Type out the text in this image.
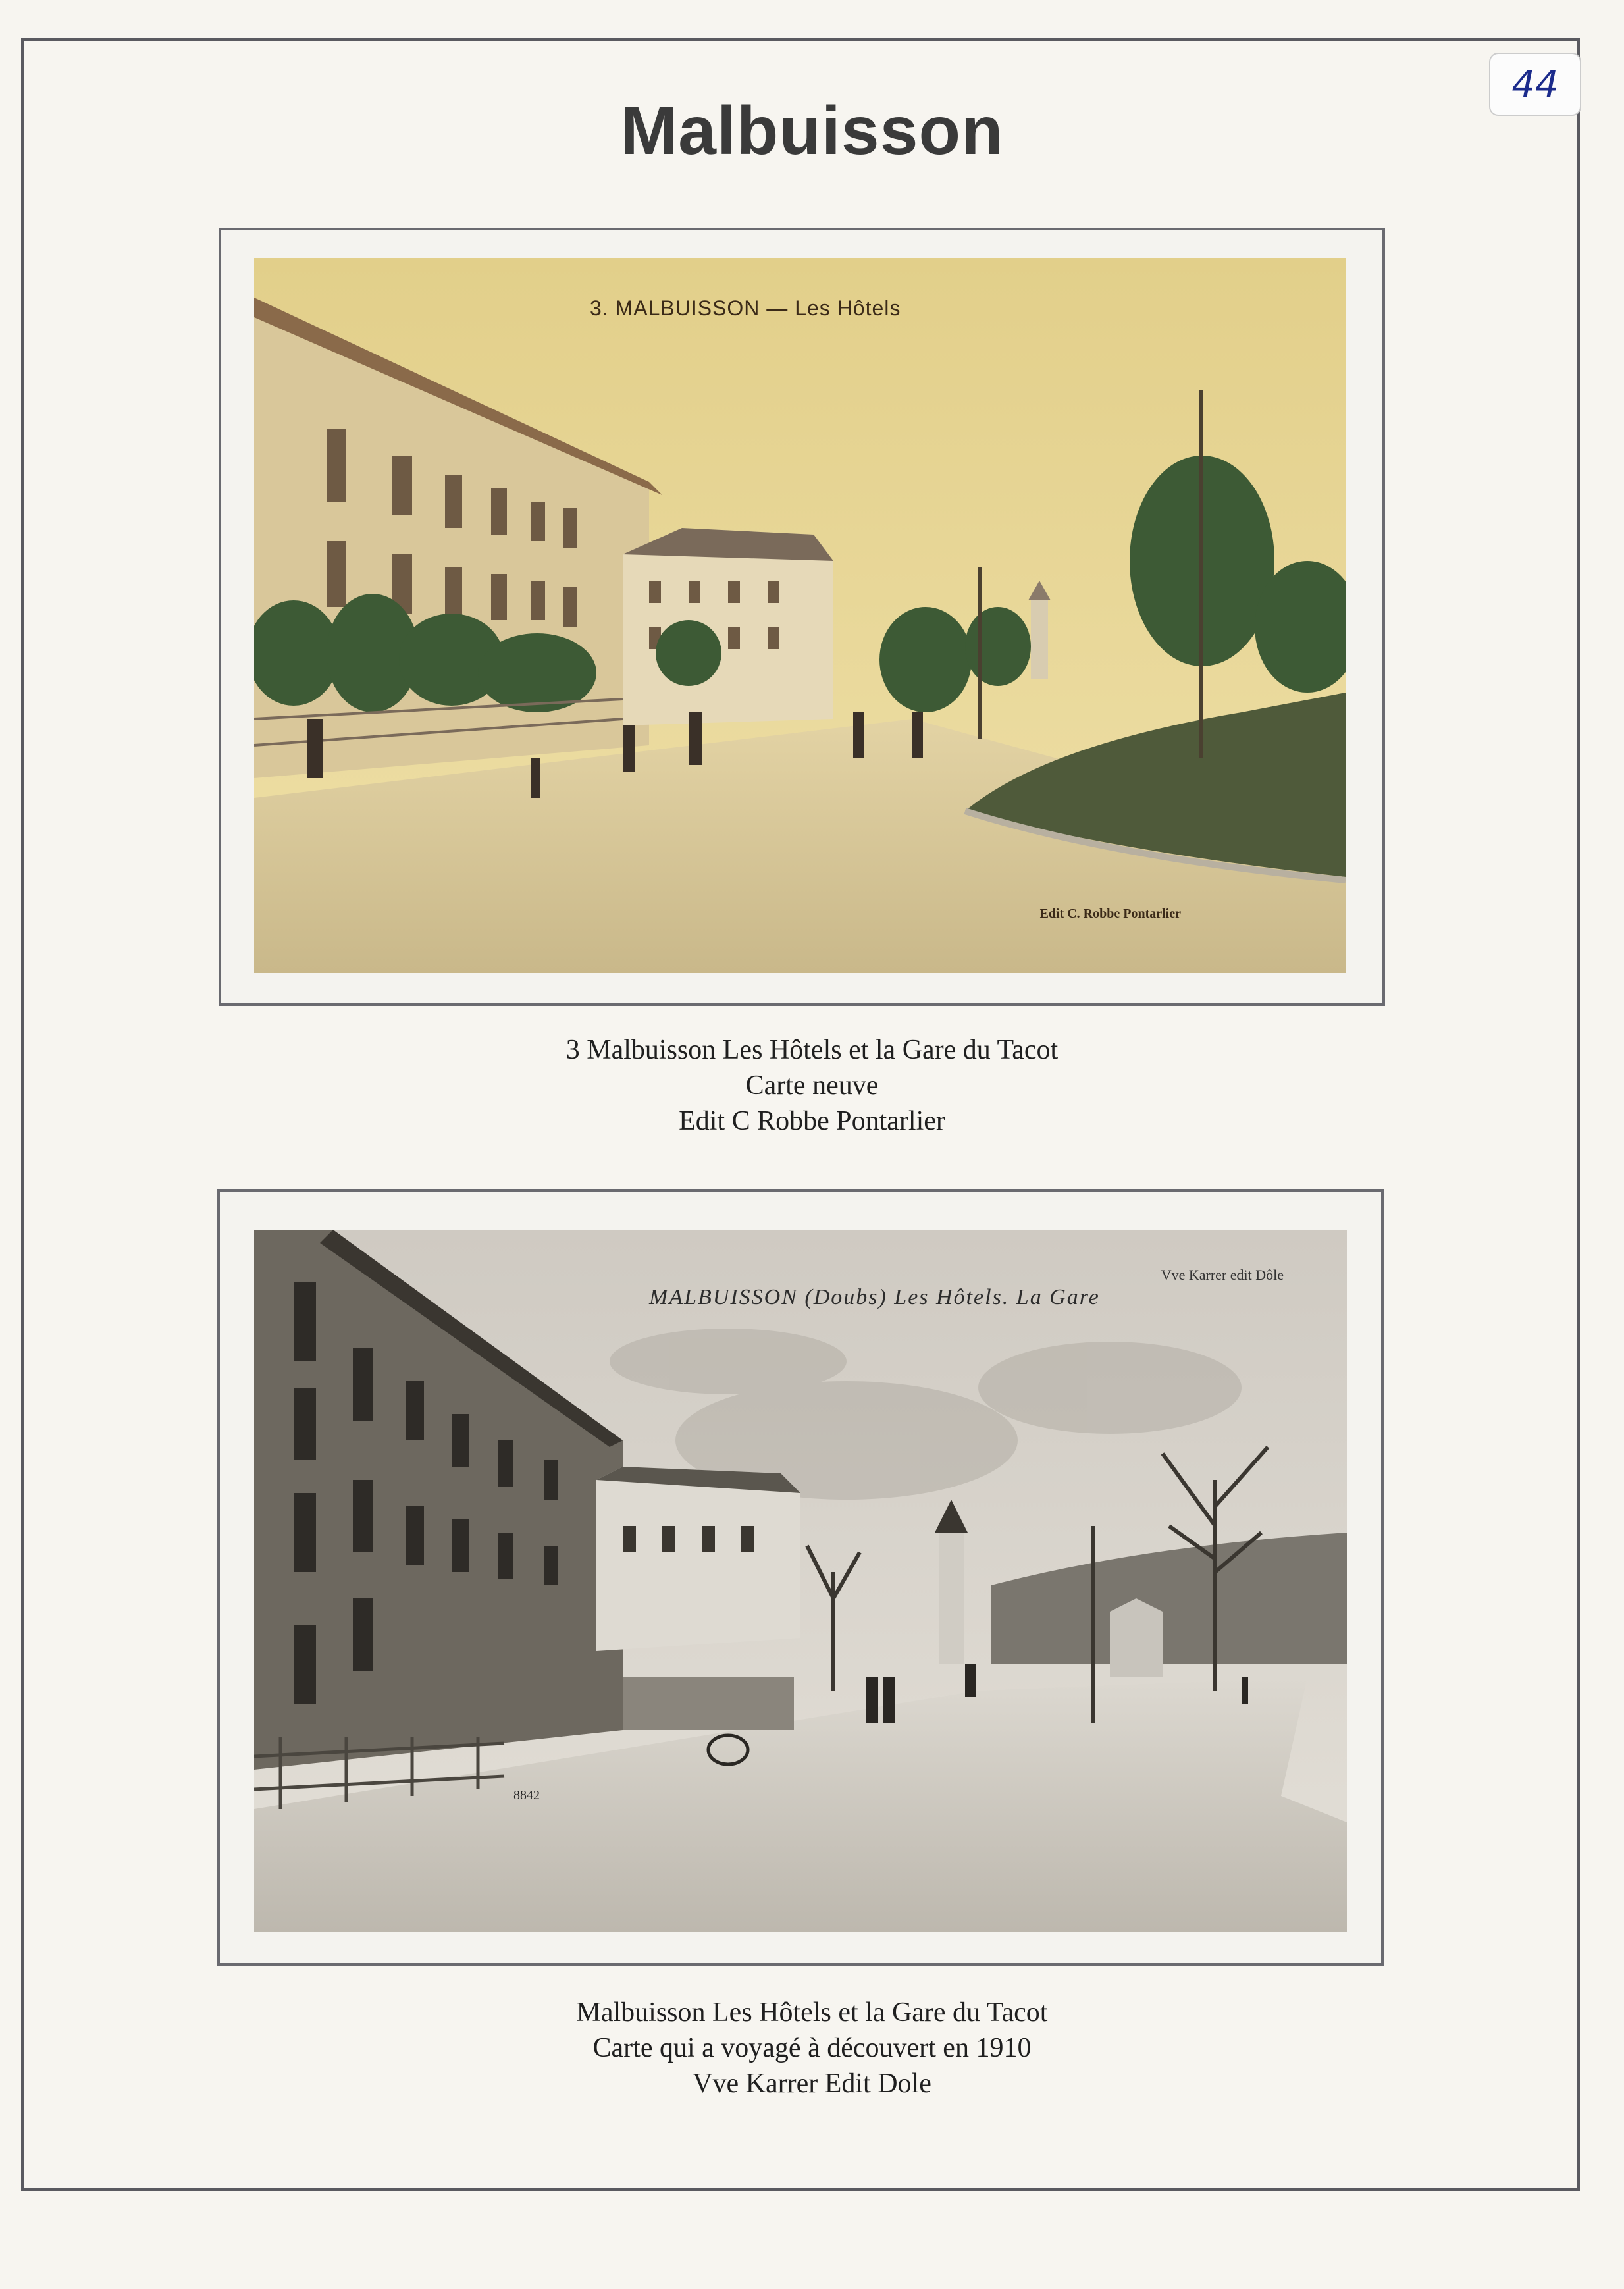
44
Malbuisson
3. MALBUISSON — Les Hôtels
Edit C. Robbe Pontarlier
3 Malbuisson Les Hôtels et la Gare du Tacot
Carte neuve
Edit C Robbe Pontarlier
MALBUISSON (Doubs) Les Hôtels. La Gare
Vve Karrer edit Dôle
8842
Malbuisson Les Hôtels et la Gare du Tacot
Carte qui a voyagé à découvert en 1910
Vve Karrer Edit Dole
